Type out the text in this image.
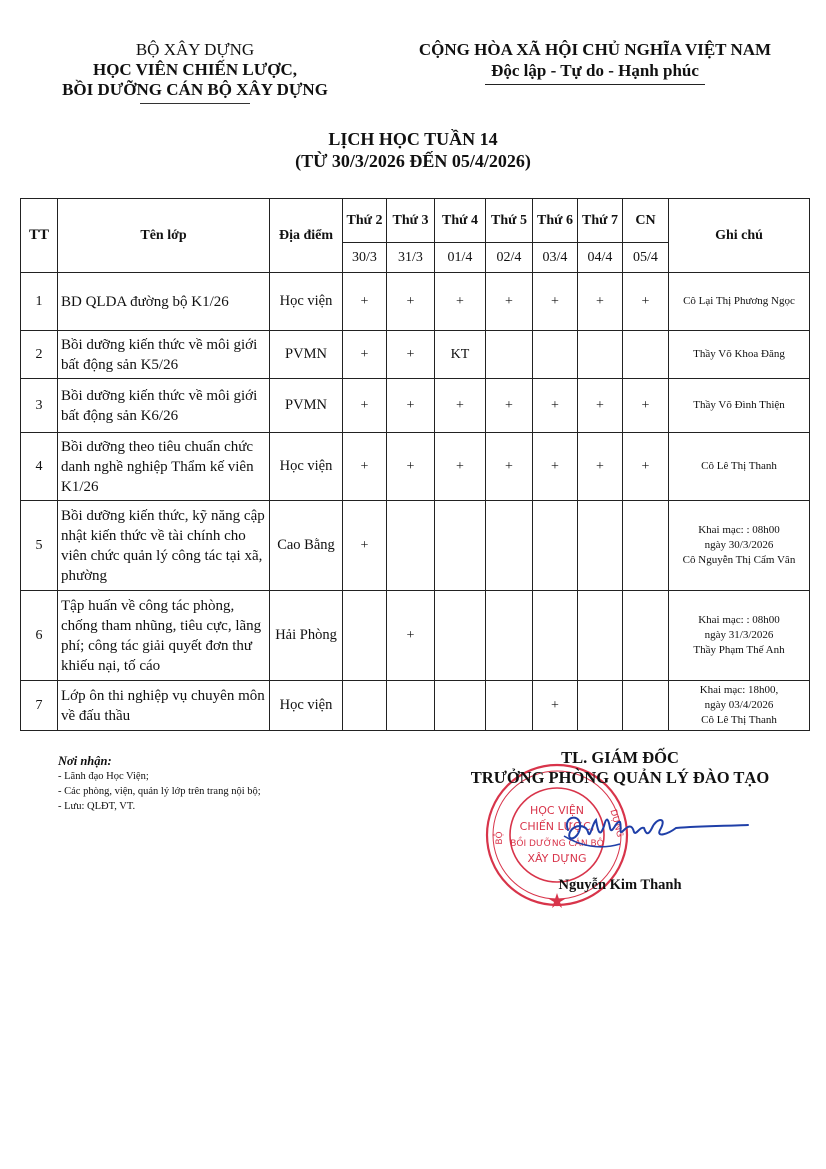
BỘ XÂY DỰNG
HỌC VIÊN CHIẾN LƯỢC,
BỒI DƯỠNG CÁN BỘ XÂY DỰNG
CỘNG HÒA XÃ HỘI CHỦ NGHĨA VIỆT NAM
Độc lập - Tự do - Hạnh phúc
LỊCH HỌC TUẦN 14
(TỪ 30/3/2026 ĐẾN 05/4/2026)
TT	Tên lớp	Địa điểm	Thứ 2	Thứ 3	Thứ 4	Thứ 5	Thứ 6	Thứ 7	CN	Ghi chú
			30/3	31/3	01/4	02/4	03/4	04/4	05/4	
1	BD QLDA đường bộ K1/26	Học viện	+	+	+	+	+	+	+	Cô Lại Thị Phương Ngọc

2	Bồi dưỡng kiến thức về môi giới bất động sản K5/26	PVMN	+	+	KT					Thầy Võ Khoa Đăng

3	Bồi dưỡng kiến thức về môi giới bất động sản K6/26	PVMN	+	+	+	+	+	+	+	Thầy Võ Đình Thiện

4	Bồi dưỡng theo tiêu chuẩn chức danh nghề nghiệp Thẩm kế viên K1/26	Học viện	+	+	+	+	+	+	+	Cô Lê Thị Thanh

5	Bồi dưỡng kiến thức, kỹ năng cập nhật kiến thức về tài chính cho viên chức quản lý công tác tại xã, phường	Cao Bằng	+							Khai mạc: : 08h00
ngày 30/3/2026
Cô Nguyễn Thị Cẩm Vân

6	Tập huấn về công tác phòng, chống tham nhũng, tiêu cực, lãng phí; công tác giải quyết đơn thư khiếu nại, tố cáo	Hải Phòng		+						Khai mạc: : 08h00
ngày 31/3/2026
Thầy Phạm Thế Anh

7	Lớp ôn thi nghiệp vụ chuyên môn về đấu thầu	Học viện					+			Khai mạc: 18h00,
ngày 03/4/2026
Cô Lê Thị Thanh
Nơi nhận:
- Lãnh đạo Học Viện;
- Các phòng, viện, quản lý lớp trên trang nội bộ;
- Lưu: QLĐT, VT.
TL. GIÁM ĐỐC
TRƯỞNG PHÒNG QUẢN LÝ ĐÀO TẠO
HỌC VIỆN
CHIẾN LƯỢC,
BỒI DƯỠNG CÁN BỘ
XÂY DỰNG
BỘ	DỰNG
Nguyễn Kim Thanh
